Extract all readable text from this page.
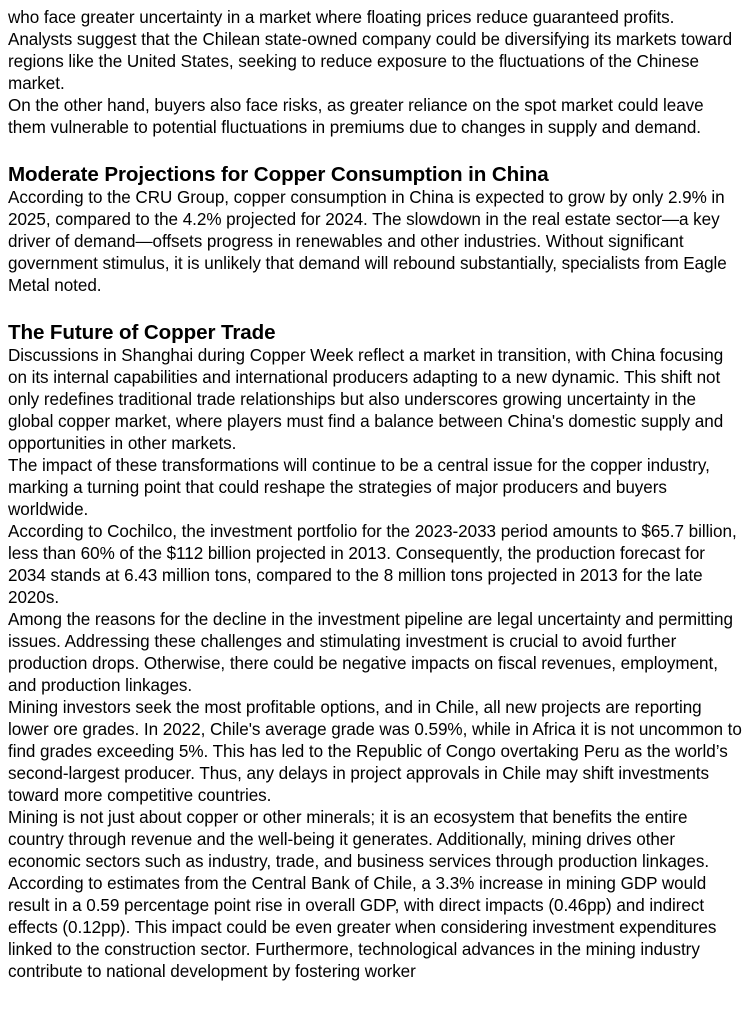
who face greater uncertainty in a market where floating prices reduce guaranteed profits. Analysts suggest that the Chilean state-owned company could be diversifying its markets toward regions like the United States, seeking to reduce exposure to the fluctuations of the Chinese market.

On the other hand, buyers also face risks, as greater reliance on the spot market could leave them vulnerable to potential fluctuations in premiums due to changes in supply and demand.

Moderate Projections for Copper Consumption in China

According to the CRU Group, copper consumption in China is expected to grow by only 2.9% in 2025, compared to the 4.2% projected for 2024. The slowdown in the real estate sector—a key driver of demand—offsets progress in renewables and other industries. Without significant government stimulus, it is unlikely that demand will rebound substantially, specialists from Eagle Metal noted.

The Future of Copper Trade

Discussions in Shanghai during Copper Week reflect a market in transition, with China focusing on its internal capabilities and international producers adapting to a new dynamic. This shift not only redefines traditional trade relationships but also underscores growing uncertainty in the global copper market, where players must find a balance between China's domestic supply and opportunities in other markets.

The impact of these transformations will continue to be a central issue for the copper industry, marking a turning point that could reshape the strategies of major producers and buyers worldwide.

According to Cochilco, the investment portfolio for the 2023-2033 period amounts to $65.7 billion, less than 60% of the $112 billion projected in 2013. Consequently, the production forecast for 2034 stands at 6.43 million tons, compared to the 8 million tons projected in 2013 for the late 2020s.

Among the reasons for the decline in the investment pipeline are legal uncertainty and permitting issues. Addressing these challenges and stimulating investment is crucial to avoid further production drops. Otherwise, there could be negative impacts on fiscal revenues, employment, and production linkages.

Mining investors seek the most profitable options, and in Chile, all new projects are reporting lower ore grades. In 2022, Chile's average grade was 0.59%, while in Africa it is not uncommon to find grades exceeding 5%. This has led to the Republic of Congo overtaking Peru as the world’s second-largest producer. Thus, any delays in project approvals in Chile may shift investments toward more competitive countries.

Mining is not just about copper or other minerals; it is an ecosystem that benefits the entire country through revenue and the well-being it generates. Additionally, mining drives other economic sectors such as industry, trade, and business services through production linkages.

According to estimates from the Central Bank of Chile, a 3.3% increase in mining GDP would result in a 0.59 percentage point rise in overall GDP, with direct impacts (0.46pp) and indirect effects (0.12pp). This impact could be even greater when considering investment expenditures linked to the construction sector. Furthermore, technological advances in the mining industry contribute to national development by fostering worker
